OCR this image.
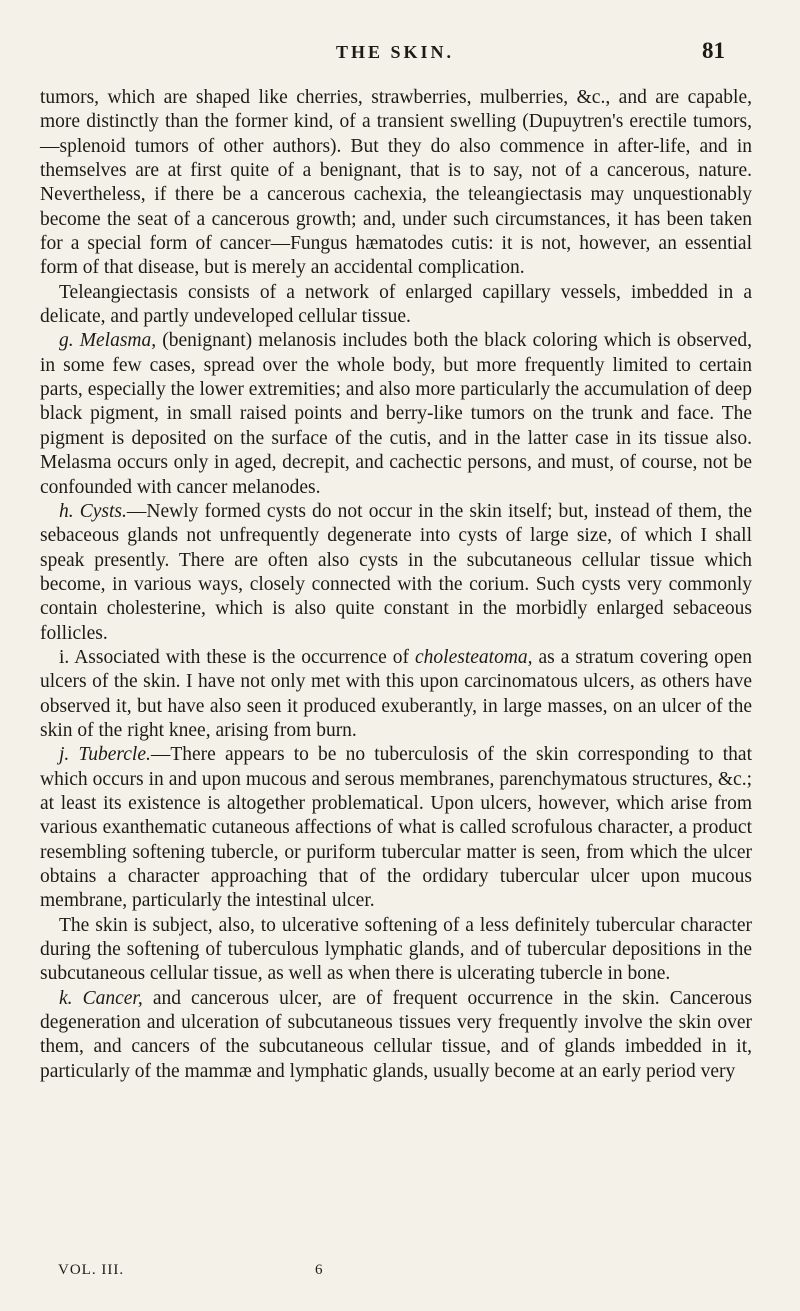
THE SKIN.	81

tumors, which are shaped like cherries, strawberries, mulberries, &c., and are capable, more distinctly than the former kind, of a transient swelling (Dupuytren's erectile tumors,—splenoid tumors of other authors). But they do also commence in after-life, and in themselves are at first quite of a benignant, that is to say, not of a cancerous, nature. Nevertheless, if there be a cancerous cachexia, the teleangiectasis may unquestionably become the seat of a cancerous growth; and, under such circumstances, it has been taken for a special form of cancer—Fungus hæmatodes cutis: it is not, however, an essential form of that disease, but is merely an accidental complication.

Teleangiectasis consists of a network of enlarged capillary vessels, imbedded in a delicate, and partly undeveloped cellular tissue.

g. Melasma, (benignant) melanosis includes both the black coloring which is observed, in some few cases, spread over the whole body, but more frequently limited to certain parts, especially the lower extremities; and also more particularly the accumulation of deep black pigment, in small raised points and berry-like tumors on the trunk and face. The pigment is deposited on the surface of the cutis, and in the latter case in its tissue also. Melasma occurs only in aged, decrepit, and cachectic persons, and must, of course, not be confounded with cancer melanodes.

h. Cysts.—Newly formed cysts do not occur in the skin itself; but, instead of them, the sebaceous glands not unfrequently degenerate into cysts of large size, of which I shall speak presently. There are often also cysts in the subcutaneous cellular tissue which become, in various ways, closely connected with the corium. Such cysts very commonly contain cholesterine, which is also quite constant in the morbidly enlarged sebaceous follicles.

i. Associated with these is the occurrence of cholesteatoma, as a stratum covering open ulcers of the skin. I have not only met with this upon carcinomatous ulcers, as others have observed it, but have also seen it produced exuberantly, in large masses, on an ulcer of the skin of the right knee, arising from burn.

j. Tubercle.—There appears to be no tuberculosis of the skin corresponding to that which occurs in and upon mucous and serous membranes, parenchymatous structures, &c.; at least its existence is altogether problematical. Upon ulcers, however, which arise from various exanthematic cutaneous affections of what is called scrofulous character, a product resembling softening tubercle, or puriform tubercular matter is seen, from which the ulcer obtains a character approaching that of the ordidary tubercular ulcer upon mucous membrane, particularly the intestinal ulcer.

The skin is subject, also, to ulcerative softening of a less definitely tubercular character during the softening of tuberculous lymphatic glands, and of tubercular depositions in the subcutaneous cellular tissue, as well as when there is ulcerating tubercle in bone.

k. Cancer, and cancerous ulcer, are of frequent occurrence in the skin. Cancerous degeneration and ulceration of subcutaneous tissues very frequently involve the skin over them, and cancers of the subcutaneous cellular tissue, and of glands imbedded in it, particularly of the mammæ and lymphatic glands, usually become at an early period very

VOL. III.	6
